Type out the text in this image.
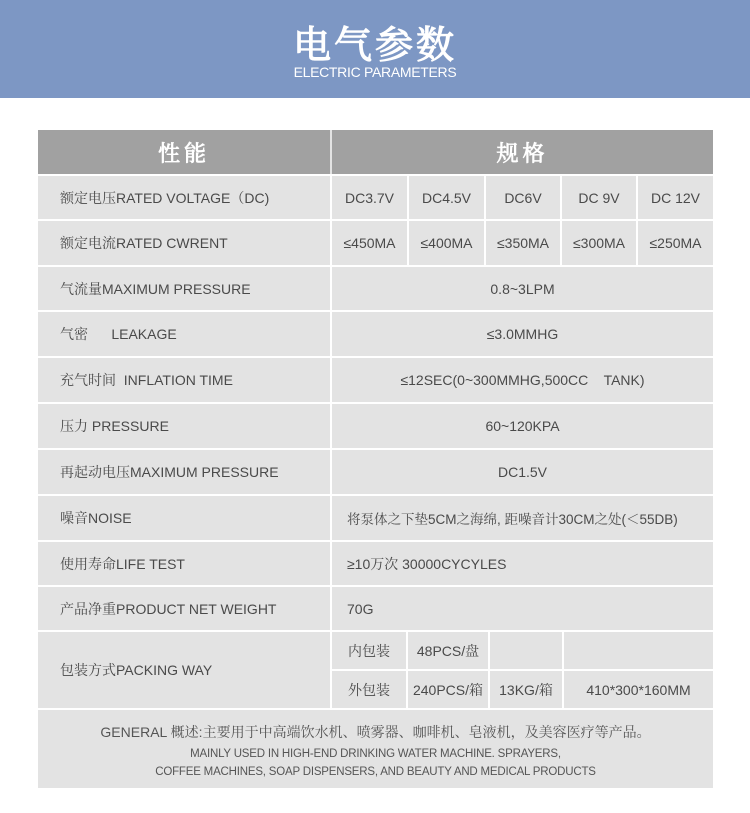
电气参数
ELECTRIC PARAMETERS
性能	规格
额定电压RATED VOLTAGE（DC)	DC3.7V	DC4.5V	DC6V	DC 9V	DC 12V
额定电流RATED CWRENT	≤450MA	≤400MA	≤350MA	≤300MA	≤250MA
气流量MAXIMUM PRESSURE	0.8~3LPM
气密      LEAKAGE	≤3.0MMHG
充气时间  INFLATION TIME	≤12SEC(0~300MMHG,500CC    TANK)
压力 PRESSURE	60~120KPA
再起动电压MAXIMUM PRESSURE	DC1.5V
噪音NOISE	将泵体之下垫5CM之海绵, 距噪音计30CM之处(＜55DB)
使用寿命LIFE TEST	≥10万次 30000CYCYLES
产品净重PRODUCT NET WEIGHT	70G
包装方式PACKING WAY
内包装	48PCS/盘
外包装	240PCS/箱	13KG/箱	410*300*160MM
GENERAL 概述:主要用于中高端饮水机、喷雾器、咖啡机、皂液机，及美容医疗等产品。
MAINLY USED IN HIGH-END DRINKING WATER MACHINE. SPRAYERS,
COFFEE MACHINES, SOAP DISPENSERS, AND BEAUTY AND MEDICAL PRODUCTS
